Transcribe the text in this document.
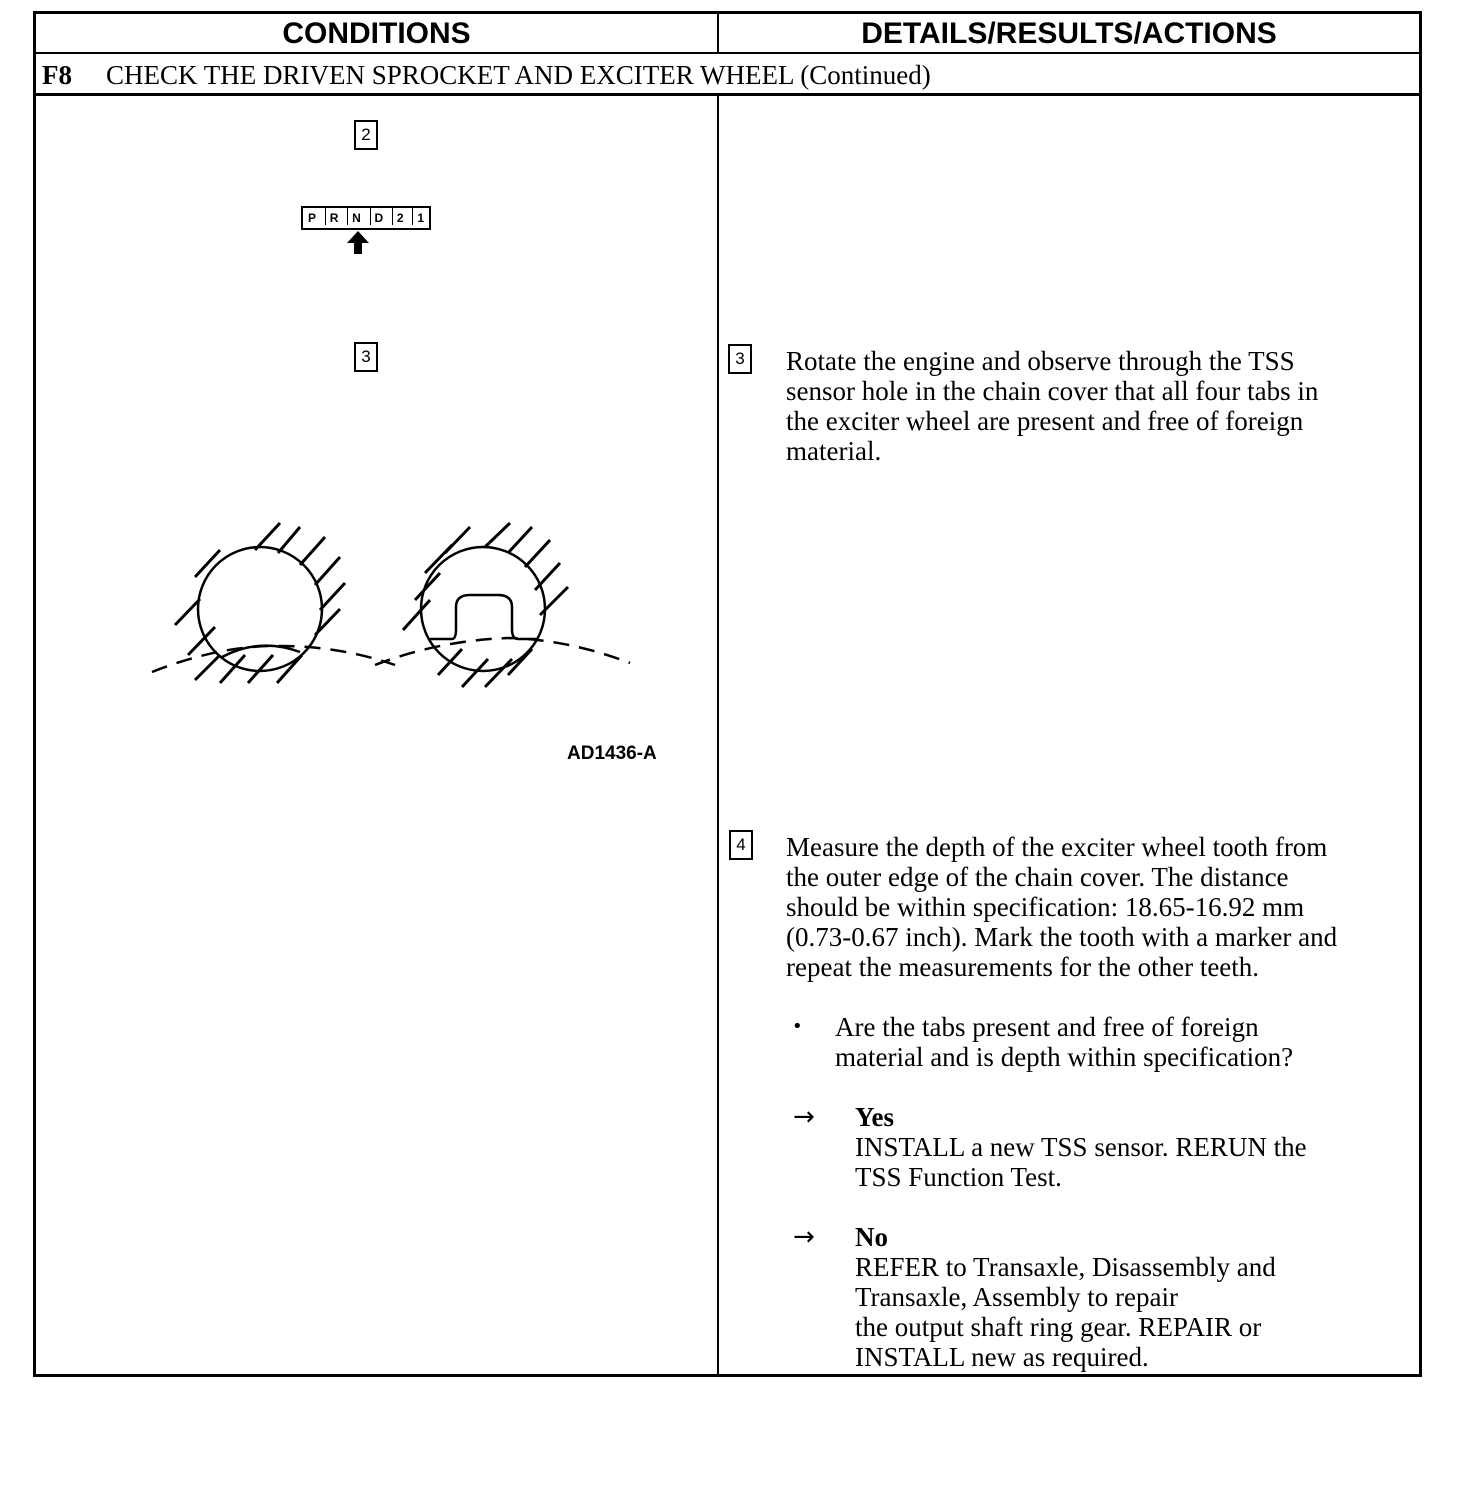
CONDITIONS	DETAILS/RESULTS/ACTIONS
F8 CHECK THE DRIVEN SPROCKET AND EXCITER WHEEL (Continued)
2
P R N D 2 1
3
AD1436-A
3 Rotate the engine and observe through the TSS
sensor hole in the chain cover that all four tabs in
the exciter wheel are present and free of foreign
material.
4 Measure the depth of the exciter wheel tooth from
the outer edge of the chain cover. The distance
should be within specification: 18.65-16.92 mm
(0.73-0.67 inch). Mark the tooth with a marker and
repeat the measurements for the other teeth.
• Are the tabs present and free of foreign
material and is depth within specification?
→ Yes
INSTALL a new TSS sensor. RERUN the
TSS Function Test.
→ No
REFER to Transaxle, Disassembly and
Transaxle, Assembly to repair
the output shaft ring gear. REPAIR or
INSTALL new as required.
